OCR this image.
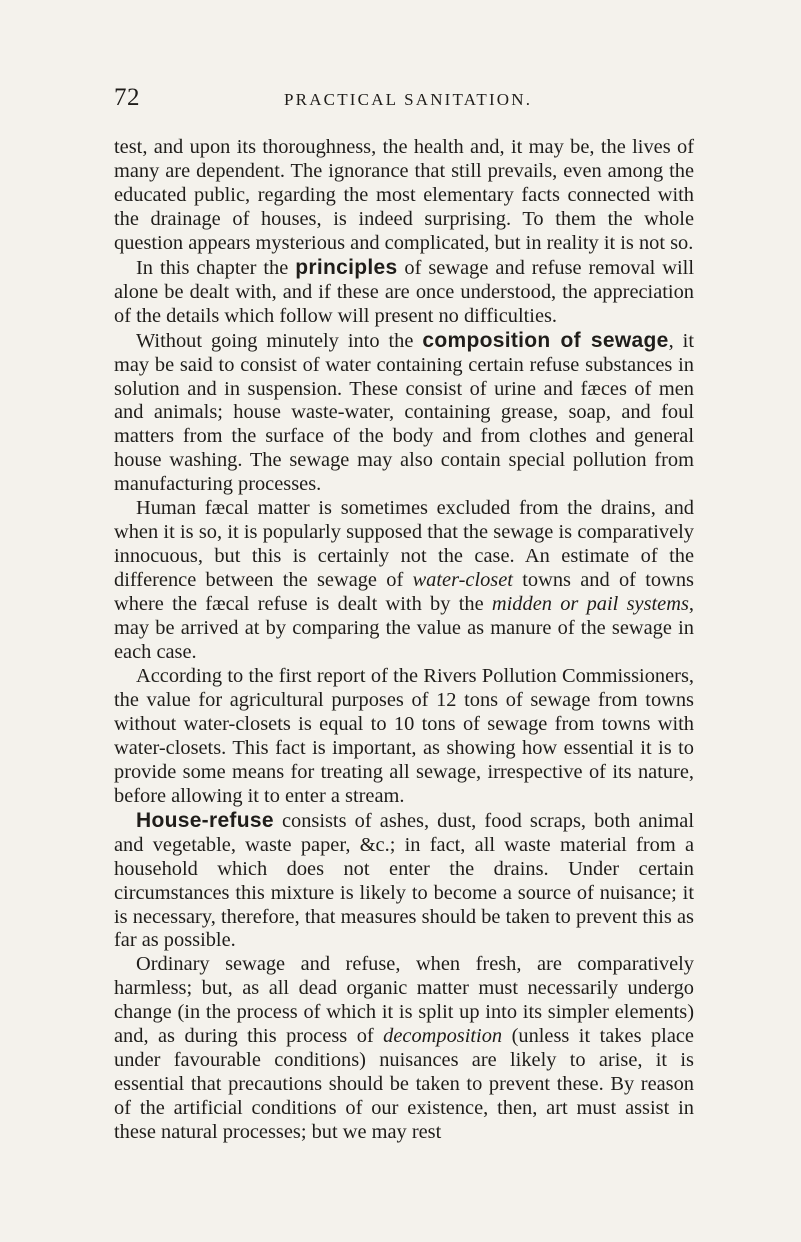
72	PRACTICAL SANITATION.

test, and upon its thoroughness, the health and, it may be, the lives of many are dependent. The ignorance that still prevails, even among the educated public, regarding the most elementary facts connected with the drainage of houses, is indeed surprising. To them the whole question appears mysterious and complicated, but in reality it is not so.

In this chapter the principles of sewage and refuse removal will alone be dealt with, and if these are once understood, the appreciation of the details which follow will present no difficulties.

Without going minutely into the composition of sewage, it may be said to consist of water containing certain refuse substances in solution and in suspension. These consist of urine and fæces of men and animals; house waste-water, containing grease, soap, and foul matters from the surface of the body and from clothes and general house washing. The sewage may also contain special pollution from manufacturing processes.

Human fæcal matter is sometimes excluded from the drains, and when it is so, it is popularly supposed that the sewage is comparatively innocuous, but this is certainly not the case. An estimate of the difference between the sewage of water-closet towns and of towns where the fæcal refuse is dealt with by the midden or pail systems, may be arrived at by comparing the value as manure of the sewage in each case.

According to the first report of the Rivers Pollution Commissioners, the value for agricultural purposes of 12 tons of sewage from towns without water-closets is equal to 10 tons of sewage from towns with water-closets. This fact is important, as showing how essential it is to provide some means for treating all sewage, irrespective of its nature, before allowing it to enter a stream.

House-refuse consists of ashes, dust, food scraps, both animal and vegetable, waste paper, &c.; in fact, all waste material from a household which does not enter the drains. Under certain circumstances this mixture is likely to become a source of nuisance; it is necessary, therefore, that measures should be taken to prevent this as far as possible.

Ordinary sewage and refuse, when fresh, are comparatively harmless; but, as all dead organic matter must necessarily undergo change (in the process of which it is split up into its simpler elements) and, as during this process of decomposition (unless it takes place under favourable conditions) nuisances are likely to arise, it is essential that precautions should be taken to prevent these. By reason of the artificial conditions of our existence, then, art must assist in these natural processes; but we may rest
